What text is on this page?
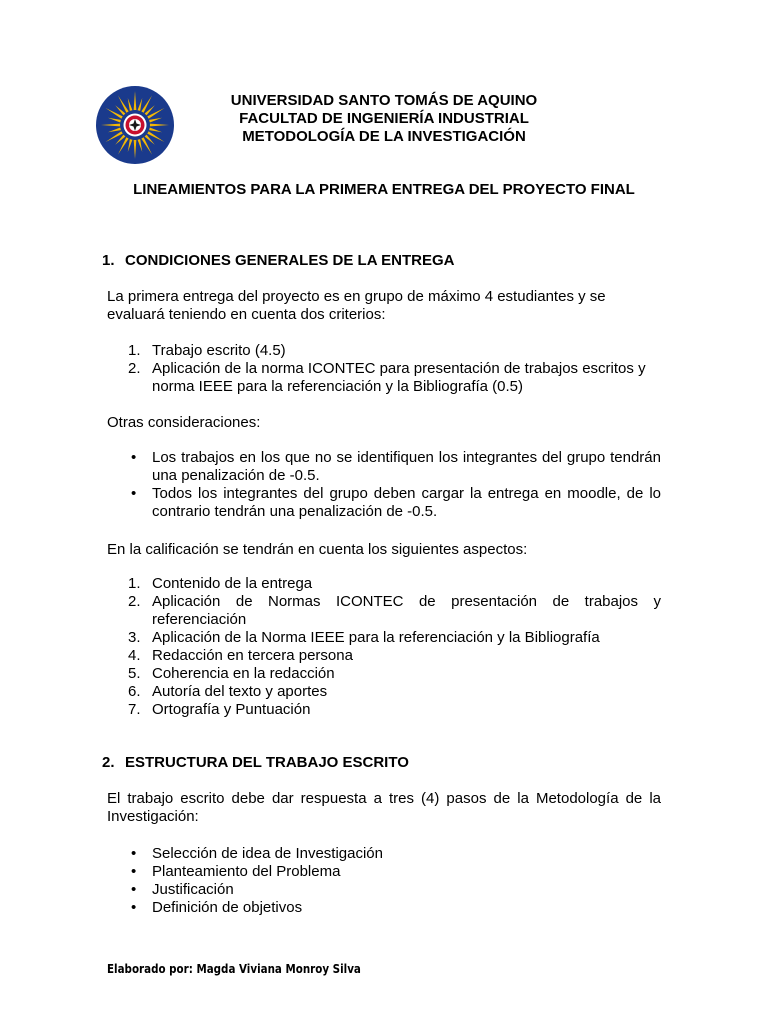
UNIVERSIDAD SANTO TOMÁS DE AQUINO
FACULTAD DE INGENIERÍA INDUSTRIAL
METODOLOGÍA DE LA INVESTIGACIÓN
LINEAMIENTOS PARA LA PRIMERA ENTREGA DEL PROYECTO FINAL
1. CONDICIONES GENERALES DE LA ENTREGA
La primera entrega del proyecto es en grupo de máximo 4 estudiantes y se evaluará teniendo en cuenta dos criterios:
1. Trabajo escrito (4.5)
2. Aplicación de la norma ICONTEC para presentación de trabajos escritos y norma IEEE para la referenciación y la Bibliografía (0.5)
Otras consideraciones:
• Los trabajos en los que no se identifiquen los integrantes del grupo tendrán una penalización de -0.5.
• Todos los integrantes del grupo deben cargar la entrega en moodle, de lo contrario tendrán una penalización de -0.5.
En la calificación se tendrán en cuenta los siguientes aspectos:
1. Contenido de la entrega
2. Aplicación de Normas ICONTEC de presentación de trabajos y referenciación
3. Aplicación de la Norma IEEE para la referenciación y la Bibliografía
4. Redacción en tercera persona
5. Coherencia en la redacción
6. Autoría del texto y aportes
7. Ortografía y Puntuación
2. ESTRUCTURA DEL TRABAJO ESCRITO
El trabajo escrito debe dar respuesta a tres (4) pasos de la Metodología de la Investigación:
• Selección de idea de Investigación
• Planteamiento del Problema
• Justificación
• Definición de objetivos
Elaborado por: Magda Viviana Monroy Silva
